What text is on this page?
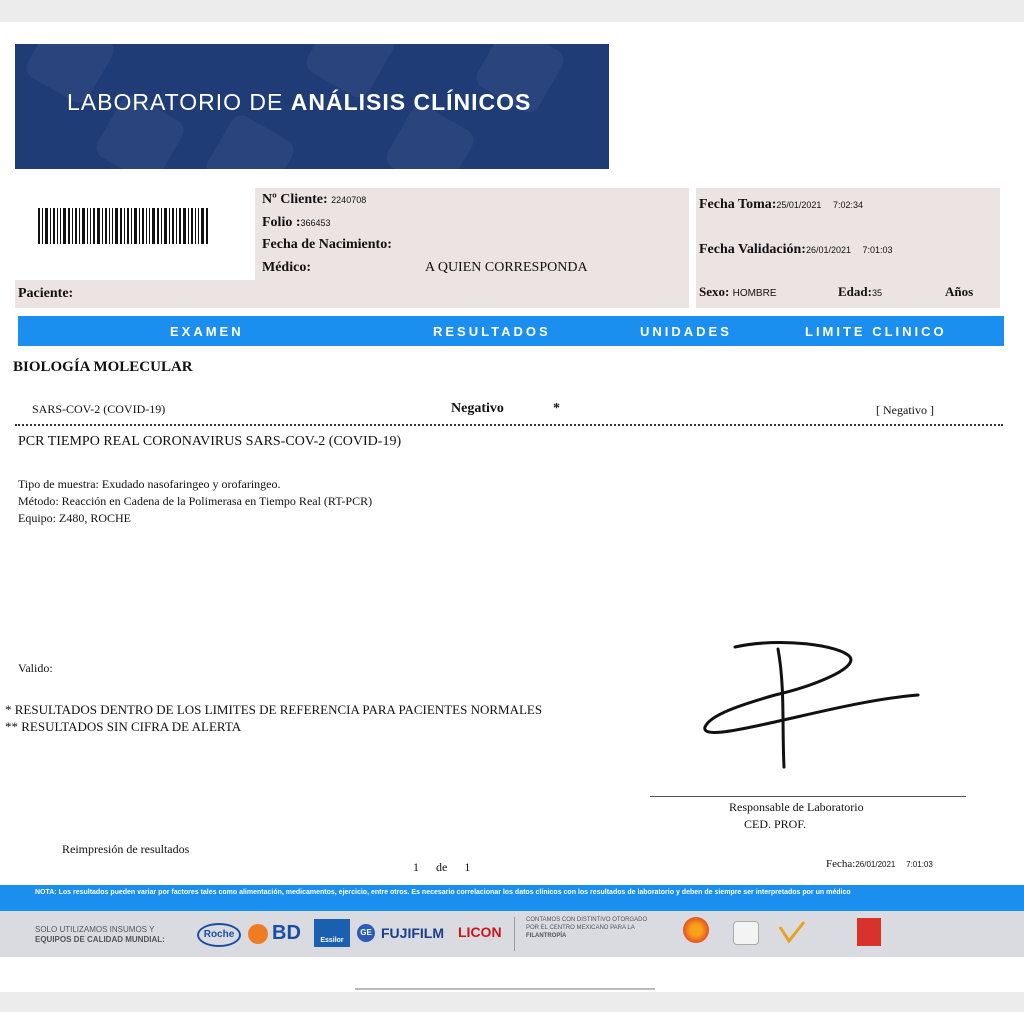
LABORATORIO DE ANÁLISIS CLÍNICOS
Nº Cliente: 2240708
Folio :366453
Fecha de Nacimiento:
Médico:	A QUIEN CORRESPONDA
Paciente:
Fecha Toma:25/01/2021 7:02:34
Fecha Validación:26/01/2021 7:01:03
Sexo: HOMBRE	Edad:35	Años
EXAMEN	RESULTADOS	UNIDADES	LIMITE CLINICO
BIOLOGÍA MOLECULAR
SARS-COV-2 (COVID-19)	Negativo	*	[ Negativo ]
PCR TIEMPO REAL CORONAVIRUS SARS-COV-2 (COVID-19)
Tipo de muestra: Exudado nasofaringeo y orofaringeo.
Método: Reacción en Cadena de la Polimerasa en Tiempo Real (RT-PCR)
Equipo: Z480, ROCHE
Valido:
* RESULTADOS DENTRO DE LOS LIMITES DE REFERENCIA PARA PACIENTES NORMALES
** RESULTADOS SIN CIFRA DE ALERTA
Responsable de Laboratorio
CED. PROF.
Reimpresión de resultados
1 de 1	Fecha:26/01/2021 7:01:03
NOTA: Los resultados pueden variar por factores tales como alimentación, medicamentos, ejercicio, entre otros. Es necesario correlacionar los datos clínicos con los resultados de laboratorio y deben de siempre ser interpretados por un médico
SOLO UTILIZAMOS INSUMOS Y
EQUIPOS DE CALIDAD MUNDIAL:	Roche	BD	Essilor
GE FUJIFILM LICON
CONTAMOS CON DISTINTIVO OTORGADO
POR EL CENTRO MEXICANO PARA LA
FILANTROPÍA
